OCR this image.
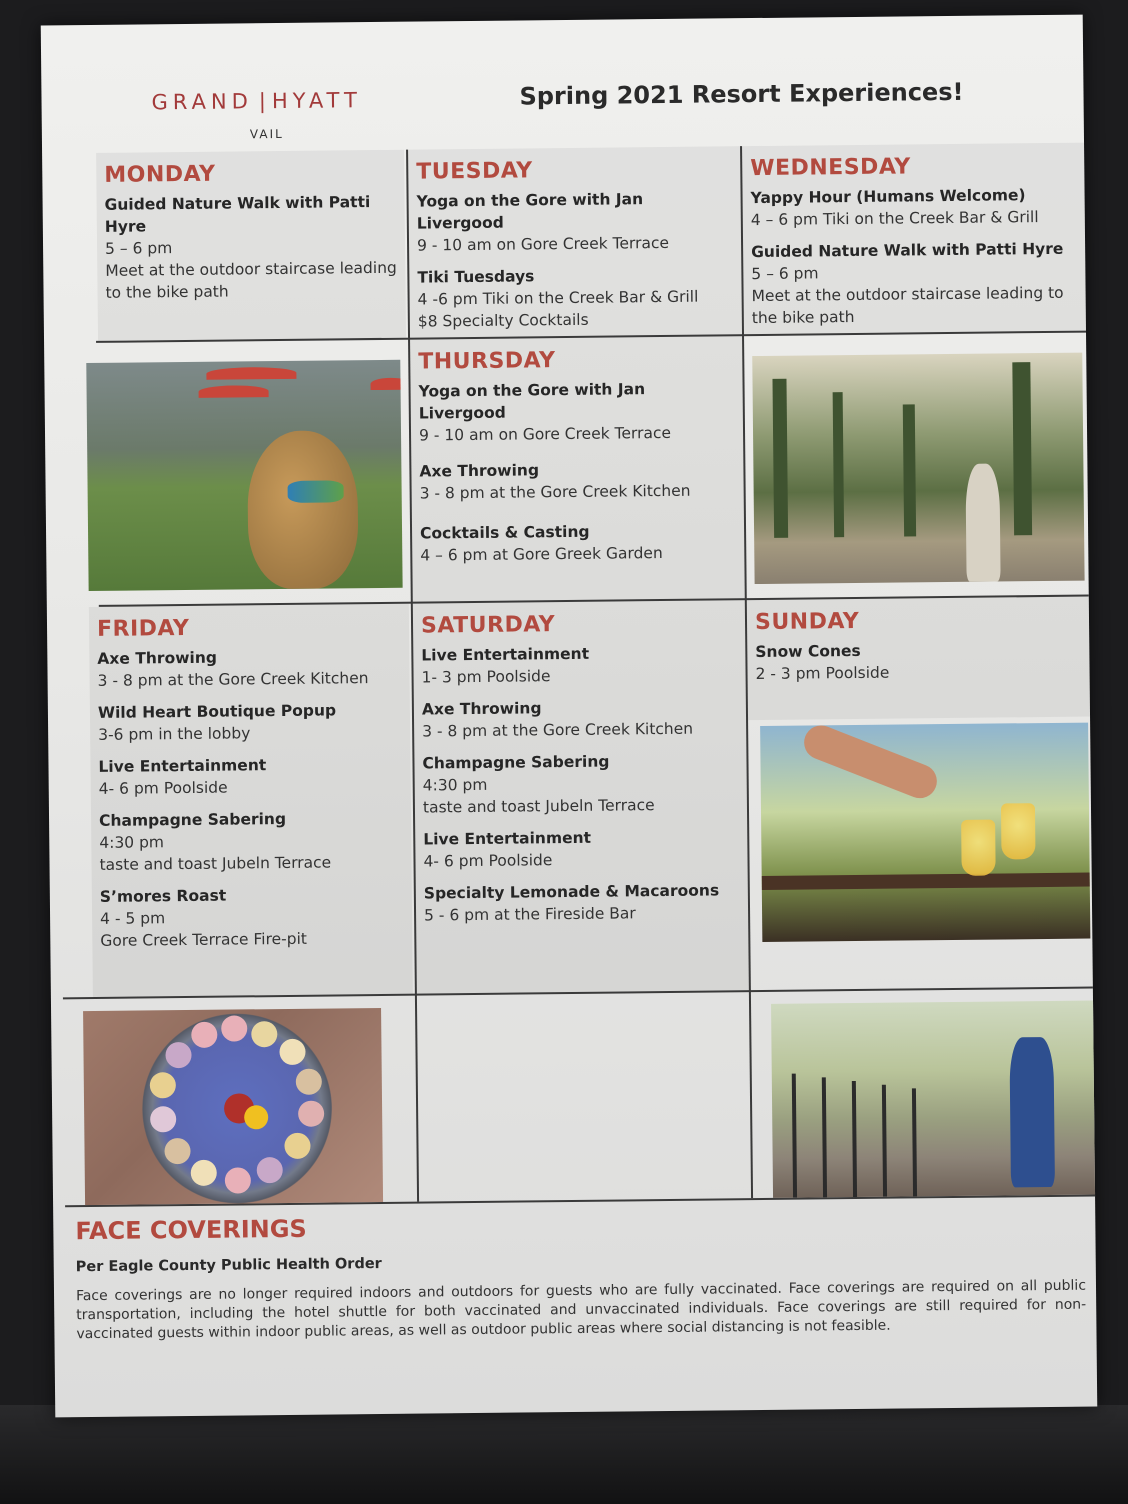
GRAND | HYATT
VAIL
Spring 2021 Resort Experiences!
MONDAY
Guided Nature Walk with Patti Hyre
5 – 6 pm
Meet at the outdoor staircase leading to the bike path
TUESDAY
Yoga on the Gore with Jan Livergood
9 - 10 am on Gore Creek Terrace
Tiki Tuesdays
4 -6 pm Tiki on the Creek Bar & Grill
$8 Specialty Cocktails
WEDNESDAY
Yappy Hour (Humans Welcome)
4 – 6 pm Tiki on the Creek Bar & Grill
Guided Nature Walk with Patti Hyre
5 – 6 pm
Meet at the outdoor staircase leading to the bike path
THURSDAY
Yoga on the Gore with Jan Livergood
9 - 10 am on Gore Creek Terrace
Axe Throwing
3 - 8 pm at the Gore Creek Kitchen
Cocktails & Casting
4 – 6 pm at Gore Greek Garden
FRIDAY
Axe Throwing
3 - 8 pm at the Gore Creek Kitchen
Wild Heart Boutique Popup
3-6 pm in the lobby
Live Entertainment
4- 6 pm Poolside
Champagne Sabering
4:30 pm
taste and toast Jubeln Terrace
S’mores Roast
4 - 5 pm
Gore Creek Terrace Fire-pit
SATURDAY
Live Entertainment
1- 3 pm Poolside
Axe Throwing
3 - 8 pm at the Gore Creek Kitchen
Champagne Sabering
4:30 pm
taste and toast Jubeln Terrace
Live Entertainment
4- 6 pm Poolside
Specialty Lemonade & Macaroons
5 - 6 pm at the Fireside Bar
SUNDAY
Snow Cones
2 - 3 pm Poolside
FACE COVERINGS
Per Eagle County Public Health Order
Face coverings are no longer required indoors and outdoors for guests who are fully vaccinated. Face coverings are required on all public transportation, including the hotel shuttle for both vaccinated and unvaccinated individuals. Face coverings are still required for non-vaccinated guests within indoor public areas, as well as outdoor public areas where social distancing is not feasible.
